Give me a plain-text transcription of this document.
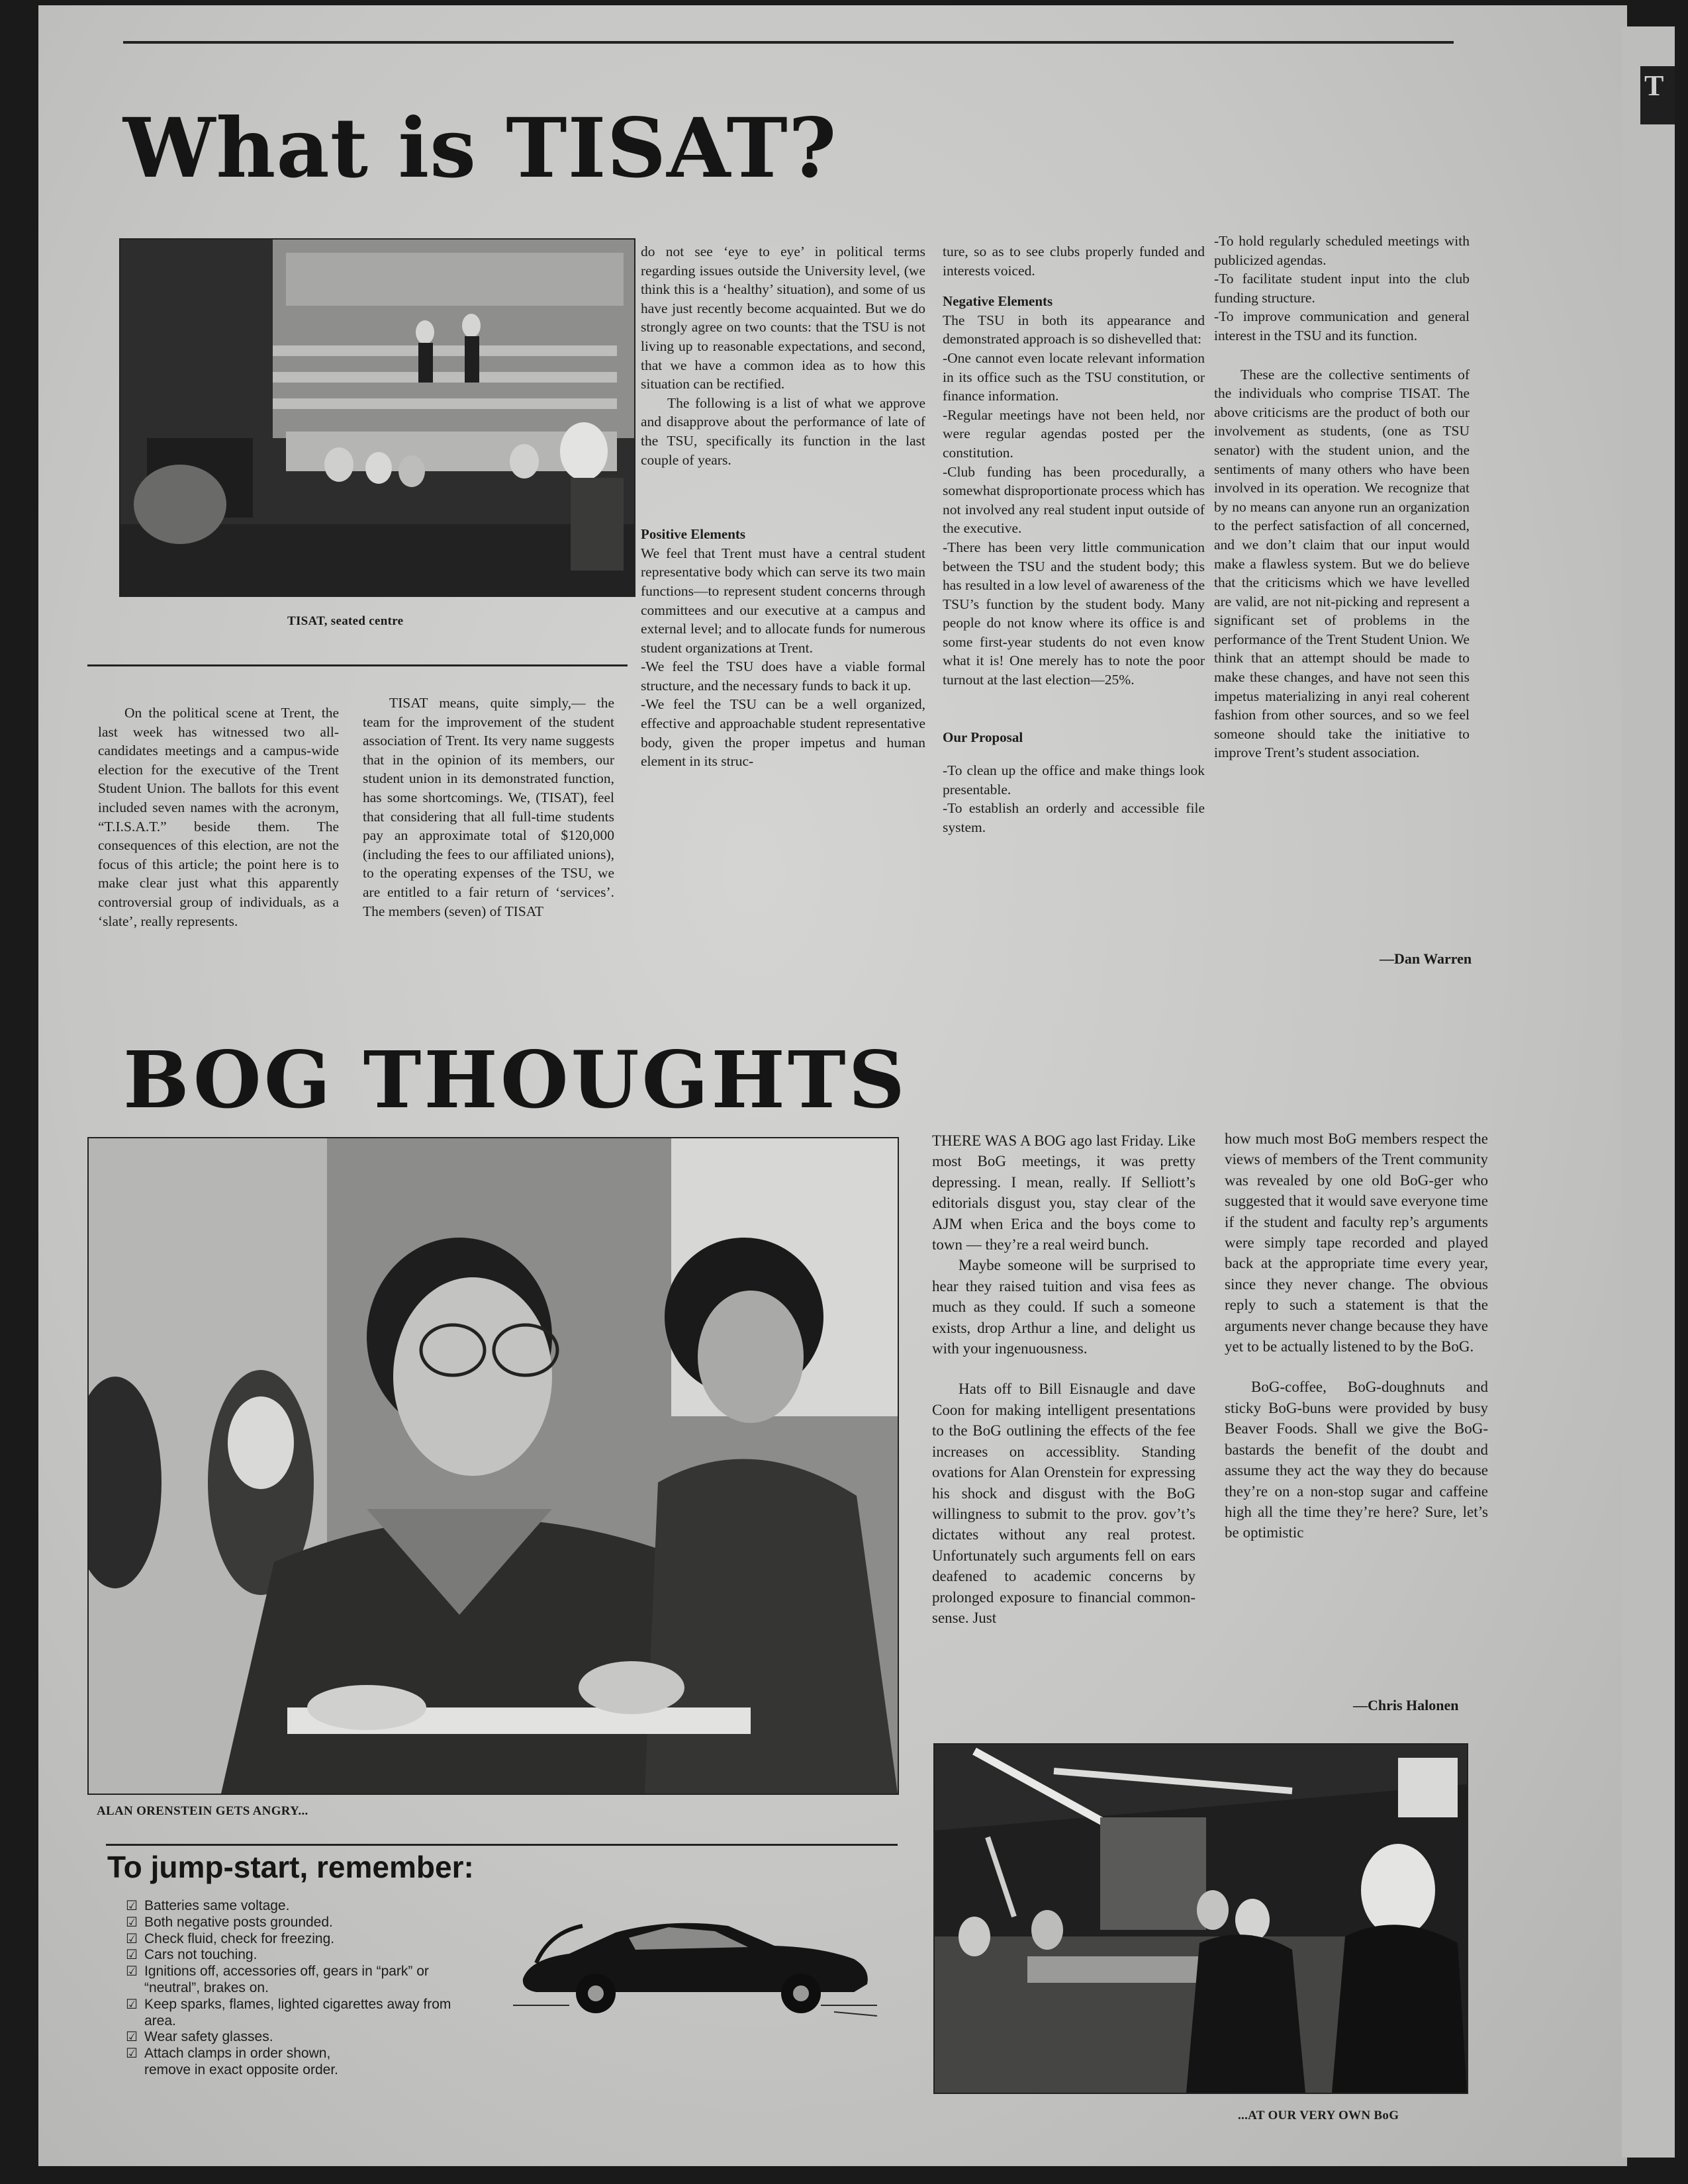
T
What is TISAT?
TISAT, seated centre

On the political scene at Trent, the last week has witnessed two all-candidates meetings and a campus-wide election for the executive of the Trent Student Union. The ballots for this event included seven names with the acronym, “T.I.S.A.T.” beside them. The consequences of this election, are not the focus of this article; the point here is to make clear just what this apparently controversial group of individuals, as a ‘slate’, really represents.

TISAT means, quite simply,— the team for the improvement of the student association of Trent. Its very name suggests that in the opinion of its members, our student union in its demonstrated function, has some shortcomings. We, (TISAT), feel that considering that all full-time students pay an approximate total of $120,000 (including the fees to our affiliated unions), to the operating expenses of the TSU, we are entitled to a fair return of ‘services’. The members (seven) of TISAT

do not see ‘eye to eye’ in political terms regarding issues outside the University level, (we think this is a ‘healthy’ situation), and some of us have just recently become acquainted. But we do strongly agree on two counts: that the TSU is not living up to reasonable expectations, and second, that we have a common idea as to how this situation can be rectified.

The following is a list of what we approve and disapprove about the performance of late of the TSU, specifically its function in the last couple of years.

Positive Elements

We feel that Trent must have a central student representative body which can serve its two main functions—to represent student concerns through committees and our executive at a campus and external level; and to allocate funds for numerous student organizations at Trent.

-We feel the TSU does have a viable formal structure, and the necessary funds to back it up.

-We feel the TSU can be a well organized, effective and approachable student representative body, given the proper impetus and human element in its struc-

ture, so as to see clubs properly funded and interests voiced.

Negative Elements

The TSU in both its appearance and demonstrated approach is so dishevelled that:

-One cannot even locate relevant information in its office such as the TSU constitution, or finance information.

-Regular meetings have not been held, nor were regular agendas posted per the constitution.

-Club funding has been procedurally, a somewhat disproportionate process which has not involved any real student input outside of the executive.

-There has been very little communication between the TSU and the student body; this has resulted in a low level of awareness of the TSU’s function by the student body. Many people do not know where its office is and some first-year students do not even know what it is! One merely has to note the poor turnout at the last election—25%.

Our Proposal

-To clean up the office and make things look presentable.

-To establish an orderly and accessible file system.

-To hold regularly scheduled meetings with publicized agendas.

-To facilitate student input into the club funding structure.

-To improve communication and general interest in the TSU and its function.

These are the collective sentiments of the individuals who comprise TISAT. The above criticisms are the product of both our involvement as students, (one as TSU senator) with the student union, and the sentiments of many others who have been involved in its operation. We recognize that by no means can anyone run an organization to the perfect satisfaction of all concerned, and we don’t claim that our input would make a flawless system. But we do believe that the criticisms which we have levelled are valid, are not nit-picking and represent a significant set of problems in the performance of the Trent Student Union. We think that an attempt should be made to make these changes, and have not seen this impetus materializing in anyi real coherent fashion from other sources, and so we feel someone should take the initiative to improve Trent’s student association.

—Dan Warren
BOG THOUGHTS
ALAN ORENSTEIN GETS ANGRY...

THERE WAS A BOG ago last Friday. Like most BoG meetings, it was pretty depressing. I mean, really. If Selliott’s editorials disgust you, stay clear of the AJM when Erica and the boys come to town — they’re a real weird bunch.

Maybe someone will be surprised to hear they raised tuition and visa fees as much as they could. If such a someone exists, drop Arthur a line, and delight us with your ingenuousness.

Hats off to Bill Eisnaugle and dave Coon for making intelligent presentations to the BoG outlining the effects of the fee increases on accessiblity. Standing ovations for Alan Orenstein for expressing his shock and disgust with the BoG willingness to submit to the prov. gov’t’s dictates without any real protest. Unfortunately such arguments fell on ears deafened to academic concerns by prolonged exposure to financial common-sense. Just

how much most BoG members respect the views of members of the Trent community was revealed by one old BoG-ger who suggested that it would save everyone time if the student and faculty rep’s arguments were simply tape recorded and played back at the appropriate time every year, since they never change. The obvious reply to such a statement is that the arguments never change because they have yet to be actually listened to by the BoG.

BoG-coffee, BoG-doughnuts and sticky BoG-buns were provided by busy Beaver Foods. Shall we give the BoG-bastards the benefit of the doubt and assume they act the way they do because they’re on a non-stop sugar and caffeine high all the time they’re here? Sure, let’s be optimistic

—Chris Halonen
...AT OUR VERY OWN BoG
To jump-start, remember:
☑ Batteries same voltage.
☑ Both negative posts grounded.
☑ Check fluid, check for freezing.
☑ Cars not touching.
☑ Ignitions off, accessories off, gears in “park” or “neutral”, brakes on.
☑ Keep sparks, flames, lighted cigarettes away from area.
☑ Wear safety glasses.
☑ Attach clamps in order shown, remove in exact opposite order.
